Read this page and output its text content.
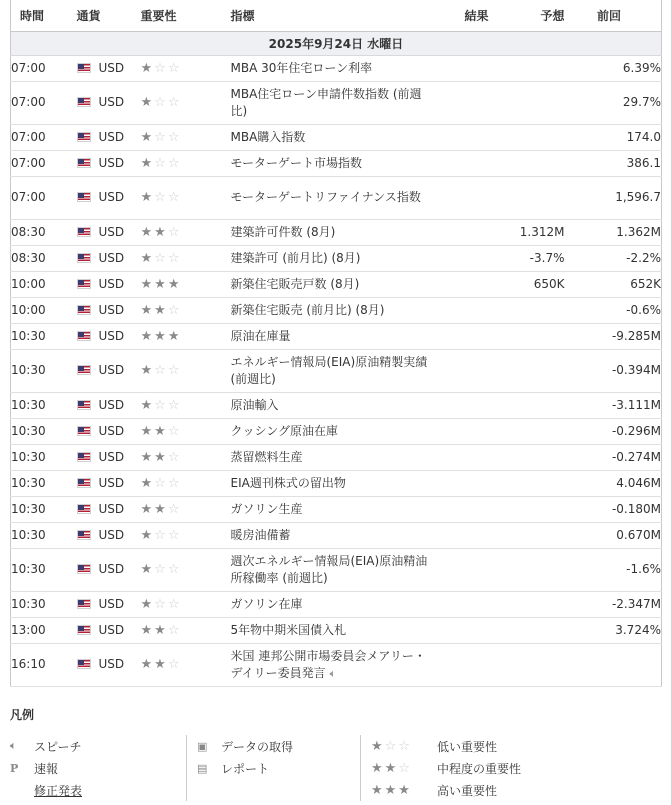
時間	通貨	重要性	指標	結果	予想	前回
2025年9月24日 水曜日						
07:00	USD	★☆☆	MBA 30年住宅ローン利率			6.39%
07:00	USD	★☆☆	MBA住宅ローン申請件数指数 (前週比)			29.7%
07:00	USD	★☆☆	MBA購入指数			174.0
07:00	USD	★☆☆	モーターゲート市場指数			386.1
07:00	USD	★☆☆	モーターゲートリファイナンス指数			1,596.7
08:30	USD	★★☆	建築許可件数 (8月)		1.312M	1.362M
08:30	USD	★☆☆	建築許可 (前月比) (8月)		-3.7%	-2.2%
10:00	USD	★★★	新築住宅販売戸数 (8月)		650K	652K
10:00	USD	★★☆	新築住宅販売 (前月比) (8月)			-0.6%
10:30	USD	★★★	原油在庫量			-9.285M
10:30	USD	★☆☆	エネルギー情報局(EIA)原油精製実績 (前週比)			-0.394M
10:30	USD	★☆☆	原油輸入			-3.111M
10:30	USD	★★☆	クッシング原油在庫			-0.296M
10:30	USD	★★☆	蒸留燃料生産			-0.274M
10:30	USD	★☆☆	EIA週刊株式の留出物			4.046M
10:30	USD	★★☆	ガソリン生産			-0.180M
10:30	USD	★☆☆	暖房油備蓄			0.670M
10:30	USD	★☆☆	週次エネルギー情報局(EIA)原油精油所稼働率 (前週比)			-1.6%
10:30	USD	★☆☆	ガソリン在庫			-2.347M
13:00	USD	★★☆	5年物中期米国債入札			3.724%
16:10	USD	★★☆	米国 連邦公開市場委員会メアリー・デイリー委員発言 🔈︎			
凡例
🔈︎	スピーチ
P	速報
修正発表
▣	データの取得
▤	レポート
★☆☆	低い重要性
★★☆	中程度の重要性
★★★	高い重要性
